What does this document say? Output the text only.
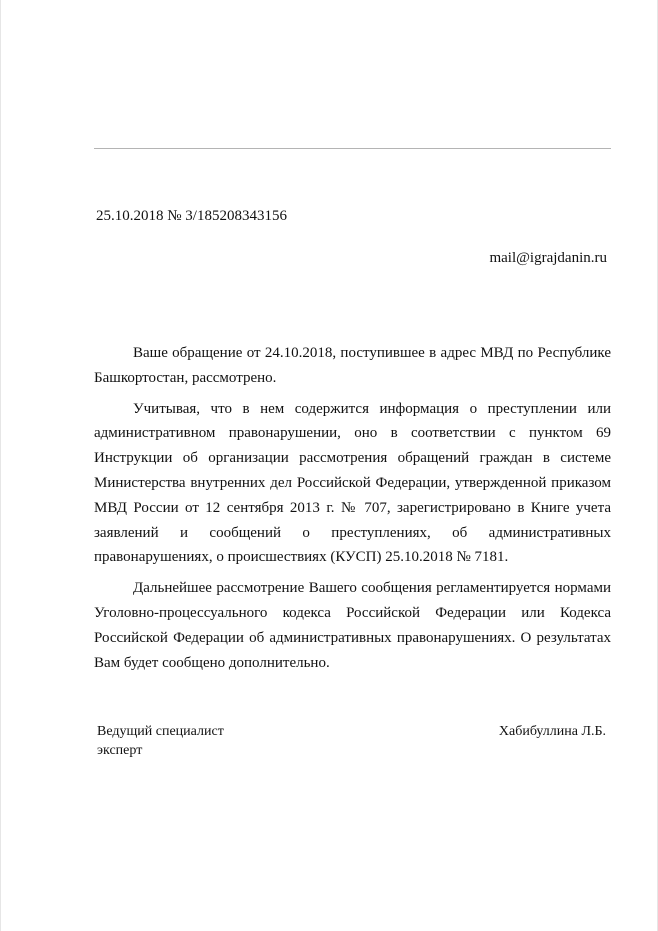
25.10.2018 № 3/185208343156
mail@igrajdanin.ru

Ваше обращение от 24.10.2018, поступившее в адрес МВД по Республике Башкортостан, рассмотрено.

Учитывая, что в нем содержится информация о преступлении или административном правонарушении, оно в соответствии с пунктом 69 Инструкции об организации рассмотрения обращений граждан в системе Министерства внутренних дел Российской Федерации, утвержденной приказом МВД России от 12 сентября 2013 г. № 707, зарегистрировано в Книге учета заявлений и сообщений о преступлениях, об административных правонарушениях, о происшествиях (КУСП) 25.10.2018 № 7181.

Дальнейшее рассмотрение Вашего сообщения регламентируется нормами Уголовно-процессуального кодекса Российской Федерации или Кодекса Российской Федерации об административных правонарушениях. О результатах Вам будет сообщено дополнительно.

Ведущий специалист
эксперт
Хабибуллина Л.Б.
